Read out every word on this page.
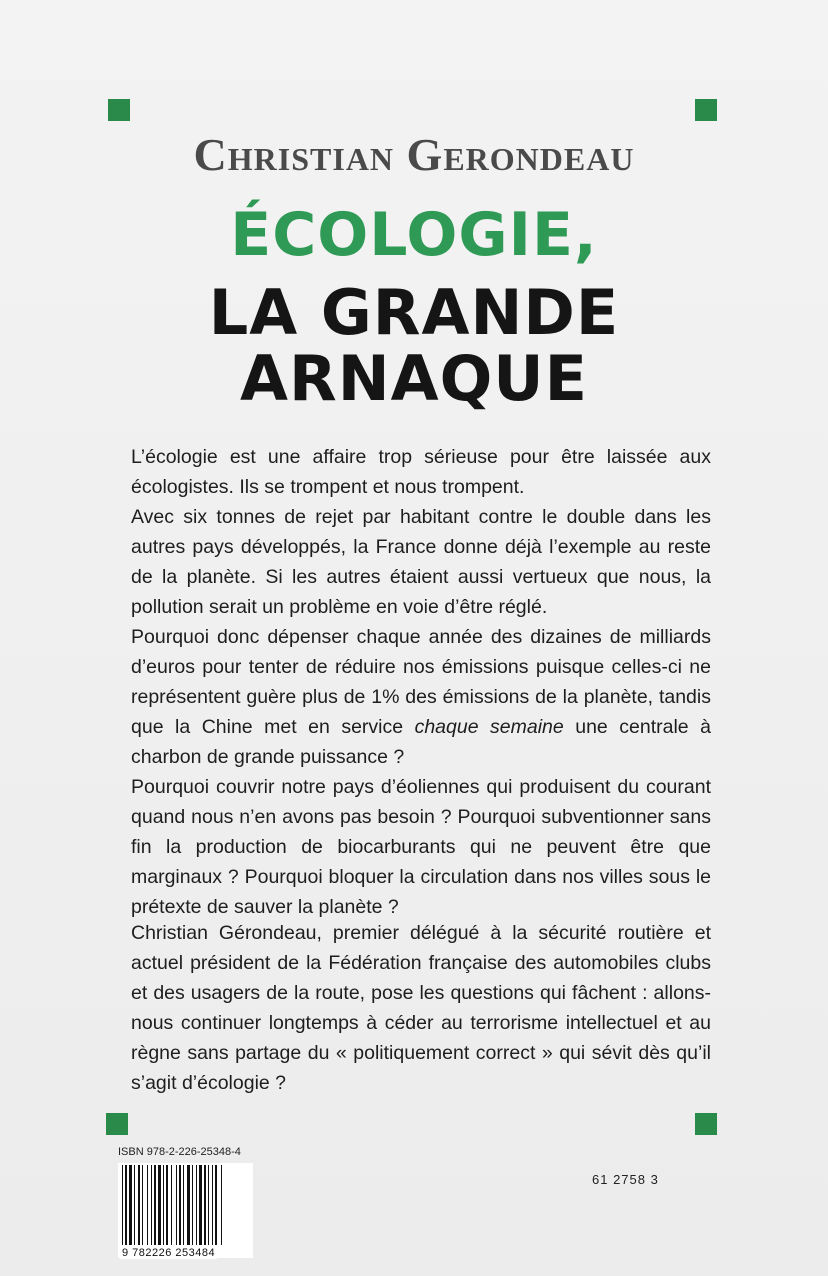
Christian Gerondeau
ÉCOLOGIE,
LA GRANDE
ARNAQUE

L’écologie est une affaire trop sérieuse pour être laissée aux écologistes. Ils se trompent et nous trompent.

Avec six tonnes de rejet par habitant contre le double dans les autres pays développés, la France donne déjà l’exemple au reste de la planète. Si les autres étaient aussi vertueux que nous, la pollution serait un problème en voie d’être réglé.

Pourquoi donc dépenser chaque année des dizaines de milliards d’euros pour tenter de réduire nos émissions puisque celles-ci ne représentent guère plus de 1% des émissions de la planète, tandis que la Chine met en service chaque semaine une centrale à charbon de grande puissance ?

Pourquoi couvrir notre pays d’éoliennes qui produisent du courant quand nous n’en avons pas besoin ? Pourquoi subventionner sans fin la production de biocarburants qui ne peuvent être que marginaux ? Pourquoi bloquer la circulation dans nos villes sous le prétexte de sauver la planète ?

Christian Gérondeau, premier délégué à la sécurité routière et actuel président de la Fédération française des automobiles clubs et des usagers de la route, pose les questions qui fâchent : allons-nous continuer longtemps à céder au terrorisme intellectuel et au règne sans partage du « politiquement correct » qui sévit dès qu’il s’agit d’écologie ?

ISBN 978-2-226-25348-4
61 2758 3
9 782226 253484
